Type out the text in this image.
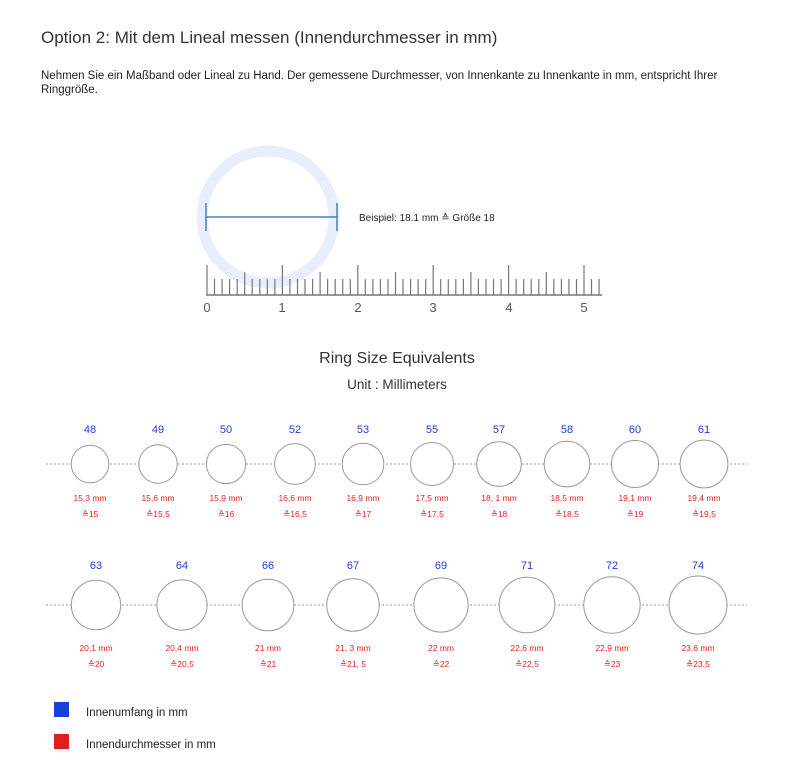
Option 2: Mit dem Lineal messen (Innendurchmesser in mm)
Nehmen Sie ein Maßband oder Lineal zu Hand. Der gemessene Durchmesser, von Innenkante zu Innenkante in mm, entspricht Ihrer Ringgröße.
Beispiel: 18.1 mm ≙ Größe 18
0	1	2	3	4	5
Ring Size Equivalents
Unit : Millimeters
48
15,3 mm
≙15
49
15,6 mm
≙15,5
50
15,9 mm
≙16
52
16,6 mm
≙16,5
53
16,9 mm
≙17
55
17,5 mm
≙17,5
57
18, 1 mm
≙18
58
18,5 mm
≙18,5
60
19,1 mm
≙19
61
19,4 mm
≙19,5
63
20,1 mm
≙20
64
20,4 mm
≙20,5
66
21 mm
≙21
67
21, 3 mm
≙21, 5
69
22 mm
≙22
71
22,6 mm
≙22,5
72
22,9 mm
≙23
74
23,6 mm
≙23,5
Innenumfang in mm
Innendurchmesser in mm
